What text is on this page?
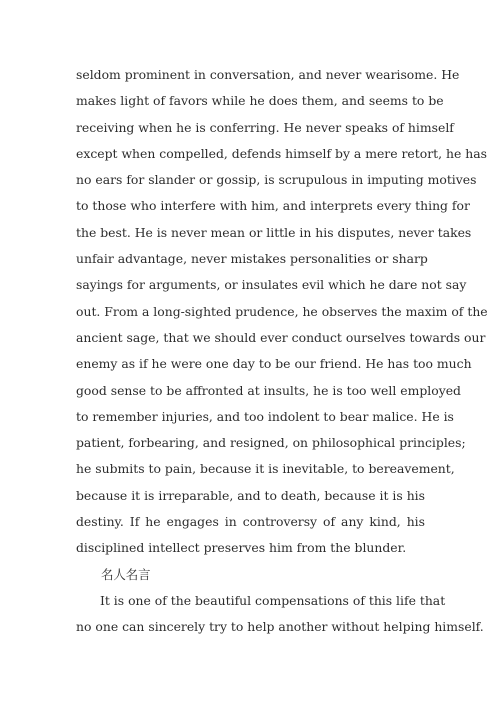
seldom prominent in conversation, and never wearisome. He
makes light of favors while he does them, and seems to be
receiving when he is conferring. He never speaks of himself
except when compelled, defends himself by a mere retort, he has
no ears for slander or gossip, is scrupulous in imputing motives
to those who interfere with him, and interprets every thing for
the best. He is never mean or little in his disputes, never takes
unfair advantage, never mistakes personalities or sharp
sayings for arguments, or insulates evil which he dare not say
out. From a long-sighted prudence, he observes the maxim of the
ancient sage, that we should ever conduct ourselves towards our
enemy as if he were one day to be our friend. He has too much
good sense to be affronted at insults, he is too well employed
to remember injuries, and too indolent to bear malice. He is
patient, forbearing, and resigned, on philosophical principles;
he submits to pain, because it is inevitable, to bereavement,
because it is irreparable, and to death, because it is his
destiny. If he engages in controversy of any kind, his
disciplined intellect preserves him from the blunder.
名人名言
It is one of the beautiful compensations of this life that
no one can sincerely try to help another without helping himself.
